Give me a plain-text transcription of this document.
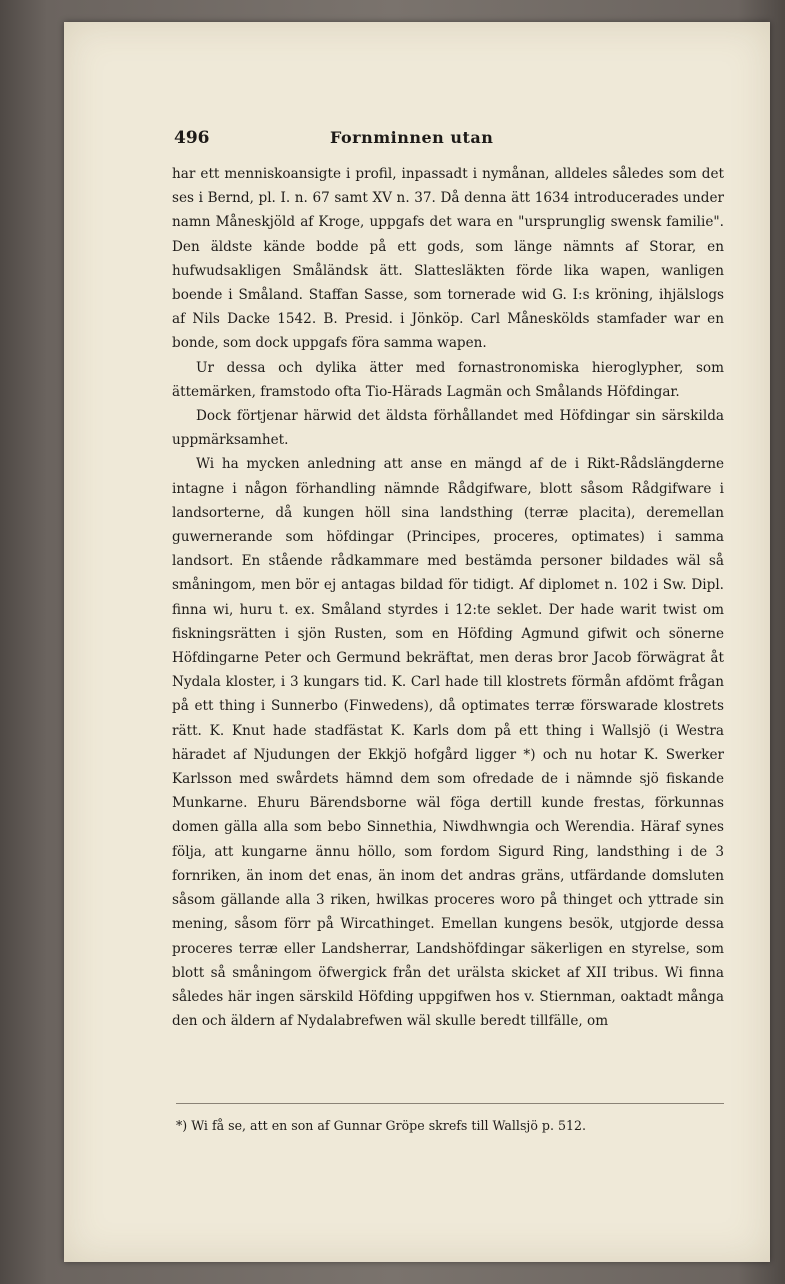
496	Fornminnen utan

har ett menniskoansigte i profil, inpassadt i nymånan, alldeles således som det ses i Bernd, pl. I. n. 67 samt XV n. 37. Då denna ätt 1634 introducerades under namn Måneskjöld af Kroge, uppgafs det wara en "ursprunglig swensk familie". Den äldste kände bodde på ett gods, som länge nämnts af Storar, en hufwudsakligen Småländsk ätt. Slattesläkten förde lika wapen, wanligen boende i Småland. Staffan Sasse, som tornerade wid G. I:s kröning, ihjälslogs af Nils Dacke 1542. B. Presid. i Jönköp. Carl Måneskölds stamfader war en bonde, som dock uppgafs föra samma wapen.

Ur dessa och dylika ätter med fornastronomiska hieroglypher, som ättemärken, framstodo ofta Tio-Härads Lagmän och Smålands Höfdingar.

Dock förtjenar härwid det äldsta förhållandet med Höfdingar sin särskilda uppmärksamhet.

Wi ha mycken anledning att anse en mängd af de i Rikt-Rådslängderne intagne i någon förhandling nämnde Rådgifware, blott såsom Rådgifware i landsorterne, då kungen höll sina landsthing (terræ placita), deremellan guwernerande som höfdingar (Principes, proceres, optimates) i samma landsort. En stående rådkammare med bestämda personer bildades wäl så småningom, men bör ej antagas bildad för tidigt. Af diplomet n. 102 i Sw. Dipl. finna wi, huru t. ex. Småland styrdes i 12:te seklet. Der hade warit twist om fiskningsrätten i sjön Rusten, som en Höfding Agmund gifwit och sönerne Höfdingarne Peter och Germund bekräftat, men deras bror Jacob förwägrat åt Nydala kloster, i 3 kungars tid. K. Carl hade till klostrets förmån afdömt frågan på ett thing i Sunnerbo (Finwedens), då optimates terræ förswarade klostrets rätt. K. Knut hade stadfästat K. Karls dom på ett thing i Wallsjö (i Westra häradet af Njudungen der Ekkjö hofgård ligger *) och nu hotar K. Swerker Karlsson med swårdets hämnd dem som ofredade de i nämnde sjö fiskande Munkarne. Ehuru Bärendsborne wäl föga dertill kunde frestas, förkunnas domen gälla alla som bebo Sinnethia, Niwdhwngia och Werendia. Häraf synes följa, att kungarne ännu höllo, som fordom Sigurd Ring, landsthing i de 3 fornriken, än inom det enas, än inom det andras gräns, utfärdande domsluten såsom gällande alla 3 riken, hwilkas proceres woro på thinget och yttrade sin mening, såsom förr på Wircathinget. Emellan kungens besök, utgjorde dessa proceres terræ eller Landsherrar, Landshöfdingar säkerligen en styrelse, som blott så småningom öfwergick från det urälsta skicket af XII tribus. Wi finna således här ingen särskild Höfding uppgifwen hos v. Stiernman, oaktadt många den och äldern af Nydalabrefwen wäl skulle beredt tillfälle, om

*) Wi få se, att en son af Gunnar Gröpe skrefs till Wallsjö p. 512.
